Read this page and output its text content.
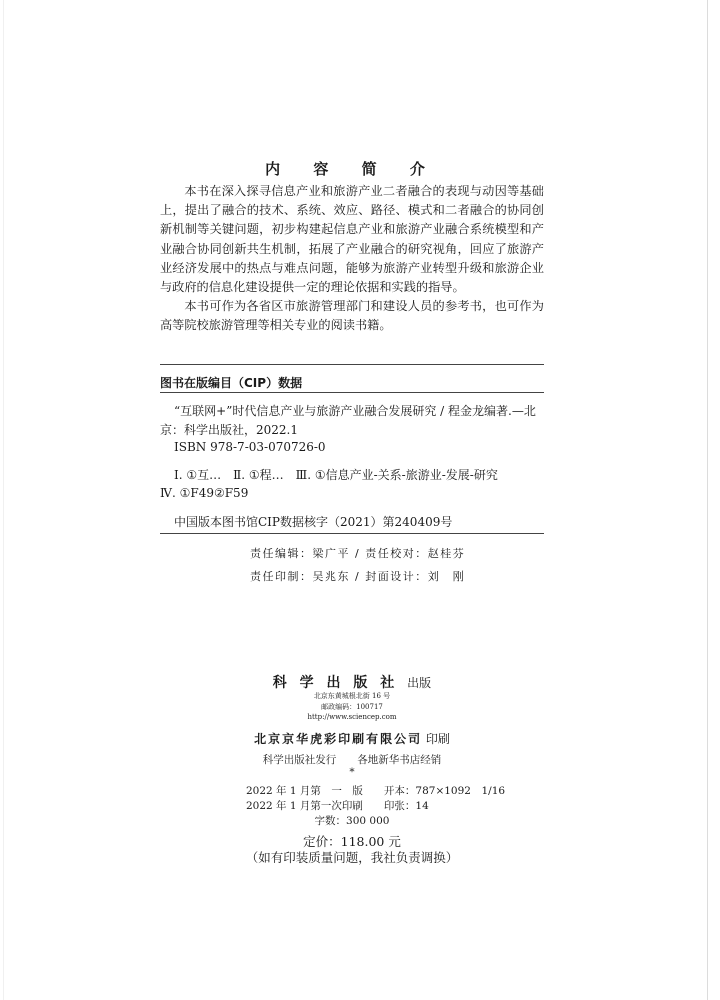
内 容 简 介

本书在深入探寻信息产业和旅游产业二者融合的表现与动因等基础上，提出了融合的技术、系统、效应、路径、模式和二者融合的协同创新机制等关键问题，初步构建起信息产业和旅游产业融合系统模型和产业融合协同创新共生机制，拓展了产业融合的研究视角，回应了旅游产业经济发展中的热点与难点问题，能够为旅游产业转型升级和旅游企业与政府的信息化建设提供一定的理论依据和实践的指导。

本书可作为各省区市旅游管理部门和建设人员的参考书，也可作为高等院校旅游管理等相关专业的阅读书籍。

图书在版编目（CIP）数据
“互联网+”时代信息产业与旅游产业融合发展研究 / 程金龙编著.—北
京：科学出版社，2022.1
ISBN 978-7-03-070726-0
Ⅰ. ①互…　Ⅱ. ①程…　Ⅲ. ①信息产业-关系-旅游业-发展-研究
Ⅳ. ①F49②F59
中国版本图书馆CIP数据核字（2021）第240409号
责任编辑：梁广平 / 责任校对：赵桂芬
责任印制：吴兆东 / 封面设计：刘　刚
科 学 出 版 社 出版
北京东黄城根北街 16 号
邮政编码：100717
http://www.sciencep.com
北京京华虎彩印刷有限公司 印刷
科学出版社发行　　各地新华书店经销
*
2022 年 1 月第　一　版　　开本：787×1092　1/16
2022 年 1 月第一次印刷　　印张：14
字数：300 000
定价：118.00 元
（如有印装质量问题，我社负责调换）
